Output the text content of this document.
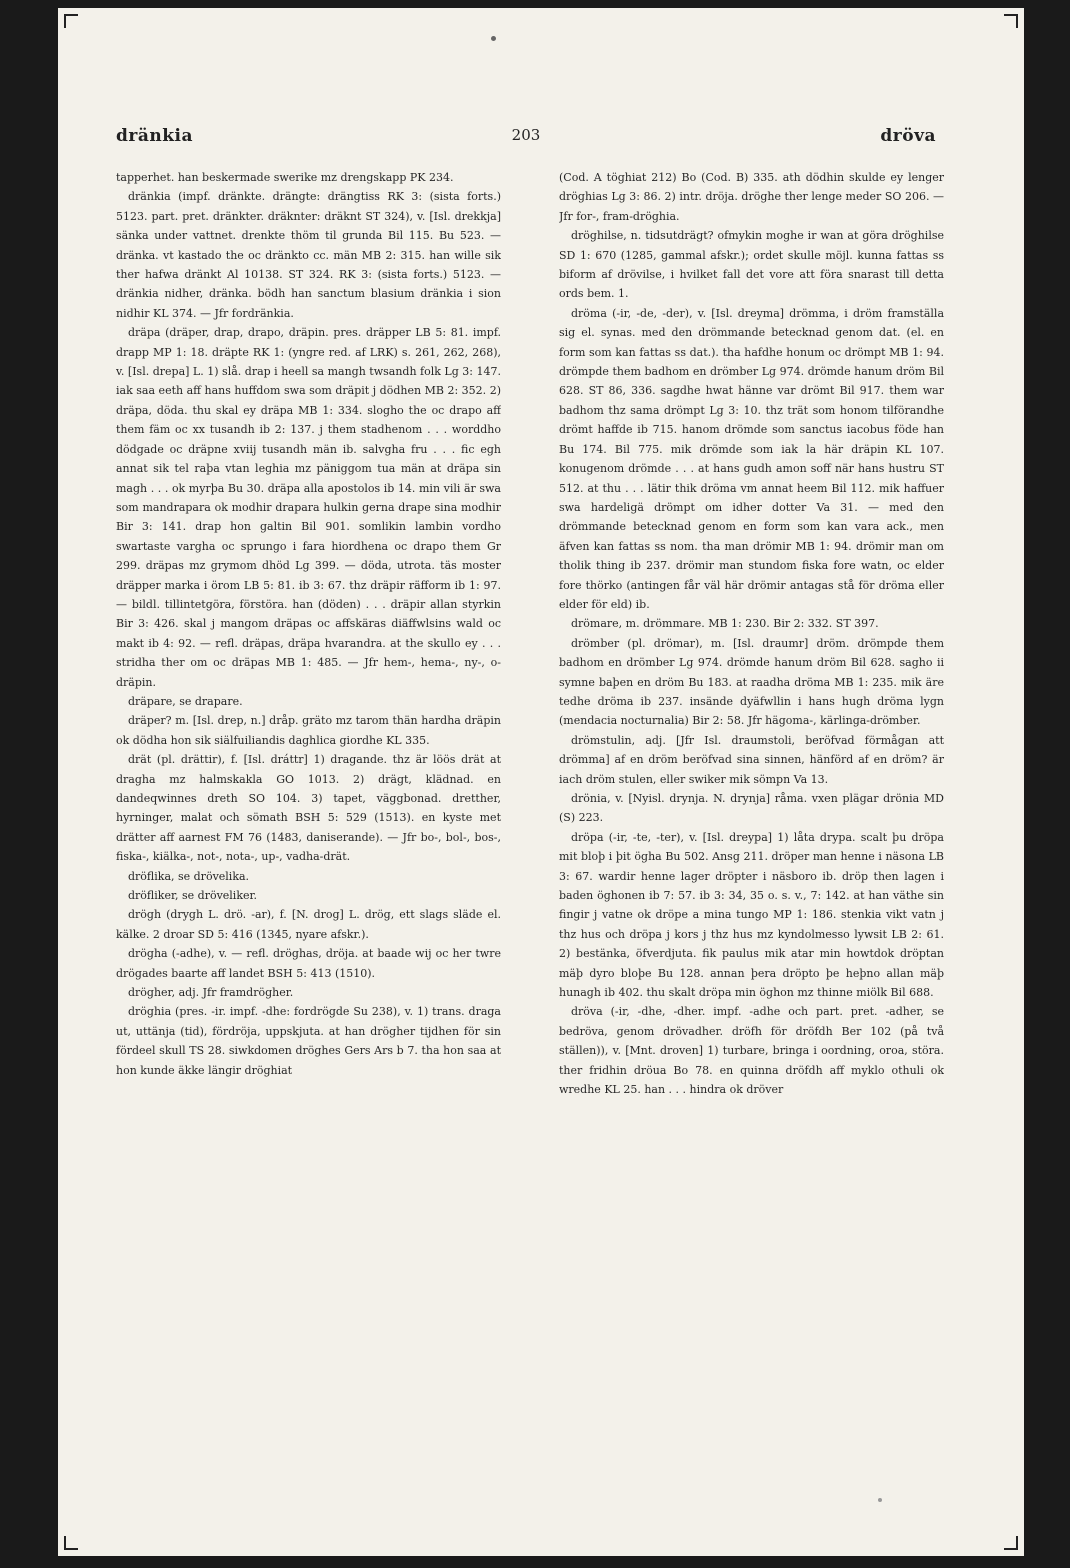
dränkia	203	dröva

tapperhet. han beskermade swerike mz drengskapp PK 234.

dränkia (impf. dränkte. drängte: drängtiss RK 3: (sista forts.) 5123. part. pret. dränkter. dräknter: dräknt ST 324), v. [Isl. drekkja] sänka under vattnet. drenkte thöm til grunda Bil 115. Bu 523. — dränka. vt kastado the oc dränkto cc. män MB 2: 315. han wille sik ther hafwa dränkt Al 10138. ST 324. RK 3: (sista forts.) 5123. — dränkia nidher, dränka. bödh han sanctum blasium dränkia i sion nidhir KL 374. — Jfr fordränkia.

dräpa (dräper, drap, drapo, dräpin. pres. dräpper LB 5: 81. impf. drapp MP 1: 18. dräpte RK 1: (yngre red. af LRK) s. 261, 262, 268), v. [Isl. drepa] L. 1) slå. drap i heell sa mangh twsandh folk Lg 3: 147. iak saa eeth aff hans huffdom swa som dräpit j dödhen MB 2: 352. 2) dräpa, döda. thu skal ey dräpa MB 1: 334. slogho the oc drapo aff them fäm oc xx tusandh ib 2: 137. j them stadhenom . . . worddho dödgade oc dräpne xviij tusandh män ib. salvgha fru . . . fic egh annat sik tel raþa vtan leghia mz päniggom tua män at dräpa sin magh . . . ok myrþa Bu 30. dräpa alla apostolos ib 14. min vili är swa som mandrapara ok modhir drapara hulkin gerna drape sina modhir Bir 3: 141. drap hon galtin Bil 901. somlikin lambin vordho swartaste vargha oc sprungo i fara hiordhena oc drapo them Gr 299. dräpas mz grymom dhöd Lg 399. — döda, utrota. täs moster dräpper marka i örom LB 5: 81. ib 3: 67. thz dräpir räfform ib 1: 97. — bildl. tillintetgöra, förstöra. han (döden) . . . dräpir allan styrkin Bir 3: 426. skal j mangom dräpas oc affskäras diäffwlsins wald oc makt ib 4: 92. — refl. dräpas, dräpa hvarandra. at the skullo ey . . . stridha ther om oc dräpas MB 1: 485. — Jfr hem-, hema-, ny-, o-dräpin.

dräpare, se drapare.

dräper? m. [Isl. drep, n.] dråp. gräto mz tarom thän hardha dräpin ok dödha hon sik siälfuiliandis daghlica giordhe KL 335.

drät (pl. drättir), f. [Isl. dráttr] 1) dragande. thz är löös drät at dragha mz halmskakla GO 1013. 2) drägt, klädnad. en dandeqwinnes dreth SO 104. 3) tapet, väggbonad. dretther, hyrninger, malat och sömath BSH 5: 529 (1513). en kyste met drätter aff aarnest FM 76 (1483, daniserande). — Jfr bo-, bol-, bos-, fiska-, kiälka-, not-, nota-, up-, vadha-drät.

dröflika, se drövelika.

dröfliker, se dröveliker.

drögh (drygh L. drö. -ar), f. [N. drog] L. drög, ett slags släde el. kälke. 2 droar SD 5: 416 (1345, nyare afskr.).

drögha (-adhe), v. — refl. dröghas, dröja. at baade wij oc her twre drögades baarte aff landet BSH 5: 413 (1510).

drögher, adj. Jfr framdrögher.

dröghia (pres. -ir. impf. -dhe: fordrögde Su 238), v. 1) trans. draga ut, uttänja (tid), fördröja, uppskjuta. at han drögher tijdhen för sin fördeel skull TS 28. siwkdomen dröghes Gers Ars b 7. tha hon saa at hon kunde äkke längir dröghiat

(Cod. A töghiat 212) Bo (Cod. B) 335. ath dödhin skulde ey lenger dröghias Lg 3: 86. 2) intr. dröja. dröghe ther lenge meder SO 206. — Jfr for-, fram-dröghia.

dröghilse, n. tidsutdrägt? ofmykin moghe ir wan at göra dröghilse SD 1: 670 (1285, gammal afskr.); ordet skulle möjl. kunna fattas ss biform af drövilse, i hvilket fall det vore att föra snarast till detta ords bem. 1.

dröma (-ir, -de, -der), v. [Isl. dreyma] drömma, i dröm framställa sig el. synas. med den drömmande betecknad genom dat. (el. en form som kan fattas ss dat.). tha hafdhe honum oc drömpt MB 1: 94. drömpde them badhom en drömber Lg 974. drömde hanum dröm Bil 628. ST 86, 336. sagdhe hwat hänne var drömt Bil 917. them war badhom thz sama drömpt Lg 3: 10. thz trät som honom tilförandhe drömt haffde ib 715. hanom drömde som sanctus iacobus föde han Bu 174. Bil 775. mik drömde som iak la här dräpin KL 107. konugenom drömde . . . at hans gudh amon soff när hans hustru ST 512. at thu . . . lätir thik dröma vm annat heem Bil 112. mik haffuer swa hardeligä drömpt om idher dotter Va 31. — med den drömmande betecknad genom en form som kan vara ack., men äfven kan fattas ss nom. tha man drömir MB 1: 94. drömir man om tholik thing ib 237. drömir man stundom fiska fore watn, oc elder fore thörko (antingen får väl här drömir antagas stå för dröma eller elder för eld) ib.

drömare, m. drömmare. MB 1: 230. Bir 2: 332. ST 397.

drömber (pl. drömar), m. [Isl. draumr] dröm. drömpde them badhom en drömber Lg 974. drömde hanum dröm Bil 628. sagho ii symne baþen en dröm Bu 183. at raadha dröma MB 1: 235. mik äre tedhe dröma ib 237. insände dyäfwllin i hans hugh dröma lygn (mendacia nocturnalia) Bir 2: 58. Jfr hägoma-, kärlinga-drömber.

drömstulin, adj. [Jfr Isl. draumstoli, beröfvad förmågan att drömma] af en dröm beröfvad sina sinnen, hänförd af en dröm? är iach dröm stulen, eller swiker mik sömpn Va 13.

drönia, v. [Nyisl. drynja. N. drynja] råma. vxen plägar drönia MD (S) 223.

dröpa (-ir, -te, -ter), v. [Isl. dreypa] 1) låta drypa. scalt þu dröpa mit bloþ i þit ögha Bu 502. Ansg 211. dröper man henne i näsona LB 3: 67. wardir henne lager dröpter i näsboro ib. dröp then lagen i baden öghonen ib 7: 57. ib 3: 34, 35 o. s. v., 7: 142. at han väthe sin fingir j vatne ok dröpe a mina tungo MP 1: 186. stenkia vikt vatn j thz hus och dröpa j kors j thz hus mz kyndolmesso lywsit LB 2: 61. 2) bestänka, öfverdjuta. fik paulus mik atar min howtdok dröptan mäþ dyro bloþe Bu 128. annan þera dröpto þe heþno allan mäþ hunagh ib 402. thu skalt dröpa min öghon mz thinne miölk Bil 688.

dröva (-ir, -dhe, -dher. impf. -adhe och part. pret. -adher, se bedröva, genom drövadher. dröfh för dröfdh Ber 102 (på två ställen)), v. [Mnt. droven] 1) turbare, bringa i oordning, oroa, störa. ther fridhin dröua Bo 78. en quinna dröfdh aff myklo othuli ok wredhe KL 25. han . . . hindra ok dröver
